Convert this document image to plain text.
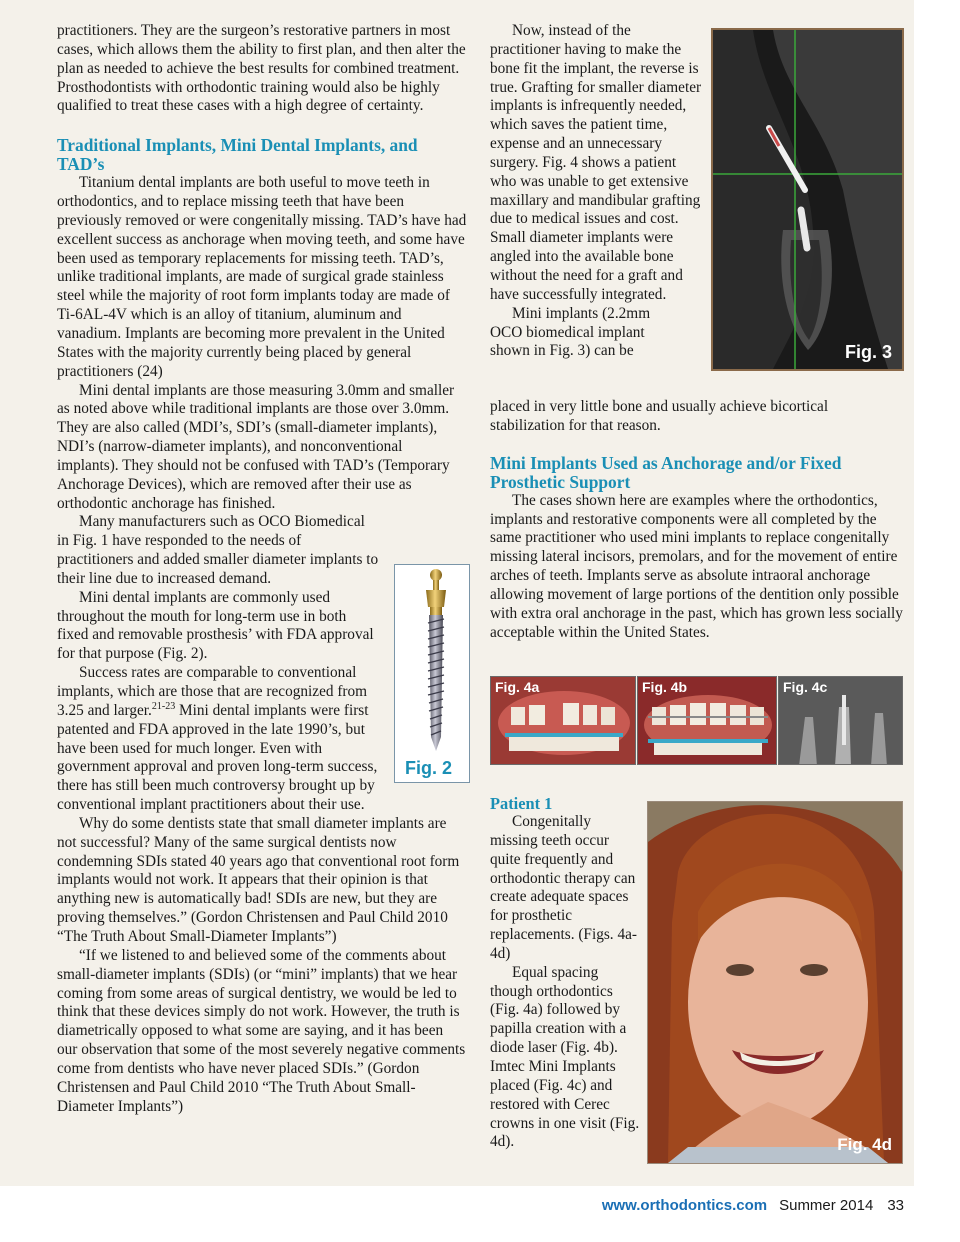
practitioners. They are the surgeon’s restorative partners in most cases, which allows them the ability to first plan, and then alter the plan as needed to achieve the best results for combined treatment. Prosthodontists with orthodontic training would also be highly qualified to treat these cases with a high degree of certainty.

Traditional Implants, Mini Dental Implants, and TAD’s

Titanium dental implants are both useful to move teeth in orthodontics, and to replace missing teeth that have been previously removed or were congenitally missing. TAD’s have had excellent success as anchorage when moving teeth, and some have been used as temporary replacements for missing teeth. TAD’s, unlike traditional implants, are made of surgical grade stainless steel while the majority of root form implants today are made of Ti-6AL-4V which is an alloy of titanium, aluminum and vanadium. Implants are becoming more prevalent in the United States with the majority currently being placed by general practitioners (24)

Mini dental implants are those measuring 3.0mm and smaller as noted above while traditional implants are those over 3.0mm. They are also called (MDI’s, SDI’s (small-diameter implants), NDI’s (narrow-diameter implants), and nonconventional implants). They should not be confused with TAD’s (Temporary Anchorage Devices), which are removed after their use as orthodontic anchorage has finished.

Many manufacturers such as OCO Biomedical in Fig. 1 have responded to the needs of practitioners and added smaller diameter implants to their line due to increased demand.

Mini dental implants are commonly used throughout the mouth for long-term use in both fixed and removable prosthesis’ with FDA approval for that purpose (Fig. 2).

Success rates are comparable to conventional implants, which are those that are recognized from 3.25 and larger.$^{21-23}$ Mini dental implants were first patented and FDA approved in the late 1990’s, but have been used for much longer. Even with government approval and proven long-term success, there has still been much controversy brought up by conventional implant practitioners about their use.

Why do some dentists state that small diameter implants are not successful? Many of the same surgical dentists now condemning SDIs stated 40 years ago that conventional root form implants would not work. It appears that their opinion is that anything new is automatically bad! SDIs are new, but they are proving themselves.” (Gordon Christensen and Paul Child 2010 “The Truth About Small-Diameter Implants”)

“If we listened to and believed some of the comments about small-diameter implants (SDIs) (or “mini” implants) that we hear coming from some areas of surgical dentistry, we would be led to think that these devices simply do not work. However, the truth is diametrically opposed to what some are saying, and it has been our observation that some of the most severely negative comments come from dentists who have never placed SDIs.” (Gordon Christensen and Paul Child 2010 “The Truth About Small-Diameter Implants”)

Fig. 2

Now, instead of the practitioner having to make the bone fit the implant, the reverse is true. Grafting for smaller diameter implants is infrequently needed, which saves the patient time, expense and an unnecessary surgery. Fig. 4 shows a patient who was unable to get extensive maxillary and mandibular grafting due to medical issues and cost. Small diameter implants were angled into the available bone without the need for a graft and have successfully integrated.

Mini implants (2.2mm OCO biomedical implant shown in Fig. 3) can be	Fig. 3

placed in very little bone and usually achieve bicortical stabilization for that reason.

Mini Implants Used as Anchorage and/or Fixed Prosthetic Support

The cases shown here are examples where the orthodontics, implants and restorative components were all completed by the same practitioner who used mini implants to replace congenitally missing lateral incisors, premolars, and for the movement of entire arches of teeth. Implants serve as absolute intraoral anchorage allowing movement of large portions of the dentition only possible with extra oral anchorage in the past, which has grown less socially acceptable within the United States.

Fig. 4a	Fig. 4b	Fig. 4c
Patient 1

Congenitally missing teeth occur quite frequently and orthodontic therapy can create adequate spaces for prosthetic replacements. (Figs. 4a-4d)

Equal spacing though orthodontics (Fig. 4a) followed by papilla creation with a diode laser (Fig. 4b). Imtec Mini Implants placed (Fig. 4c) and restored with Cerec crowns in one visit (Fig. 4d).	Fig. 4d
www.orthodontics.com Summer 2014 33
